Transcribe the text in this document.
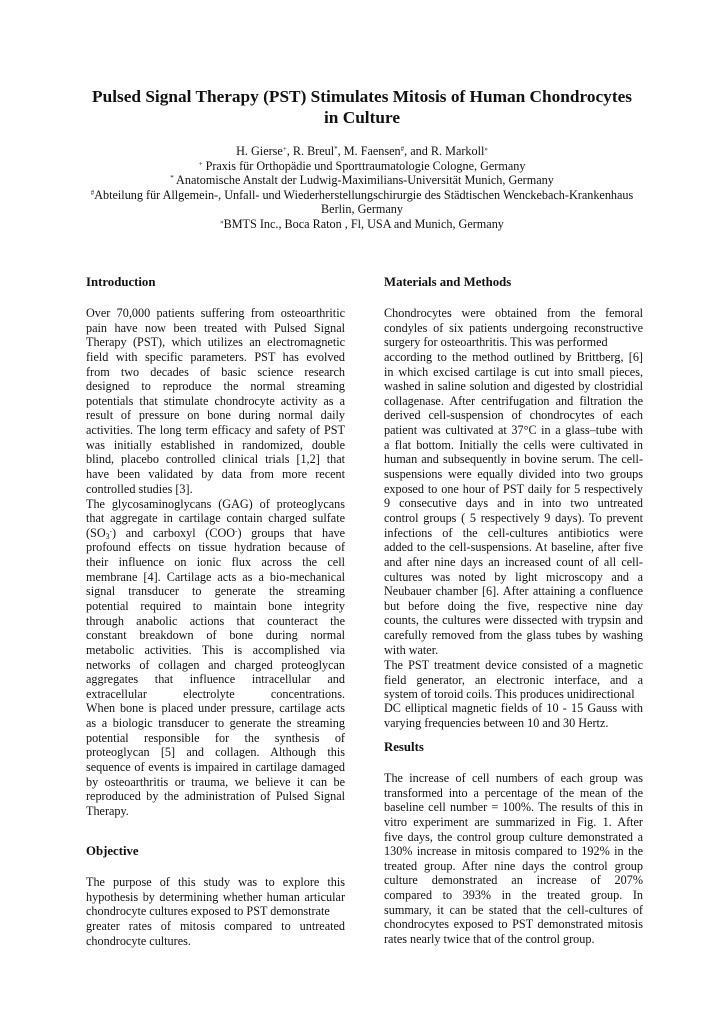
Pulsed Signal Therapy (PST) Stimulates Mitosis of Human Chondrocytes
in Culture
H. Gierse+, R. Breul*, M. Faensen#, and R. Markoll»
+ Praxis für Orthopädie und Sporttraumatologie Cologne, Germany
* Anatomische Anstalt der Ludwig-Maximilians-Universität Munich, Germany
#Abteilung für Allgemein-, Unfall- und Wiederherstellungschirurgie des Städtischen Wenckebach-Krankenhaus
Berlin, Germany
»BMTS Inc., Boca Raton , Fl, USA and Munich, Germany
Introduction
Over 70,000 patients suffering from osteoarthritic
pain have now been treated with Pulsed Signal
Therapy (PST), which utilizes an electromagnetic
field with specific parameters. PST has evolved
from two decades of basic science research
designed to reproduce the normal streaming
potentials that stimulate chondrocyte activity as a
result of pressure on bone during normal daily
activities. The long term efficacy and safety of PST
was initially established in randomized, double
blind, placebo controlled clinical trials [1,2] that
have been validated by data from more recent
controlled studies [3].
The glycosaminoglycans (GAG) of proteoglycans
that aggregate in cartilage contain charged sulfate
$(SO_3^-)$ and carboxyl (COO-) groups that have
profound effects on tissue hydration because of
their influence on ionic flux across the cell
membrane [4]. Cartilage acts as a bio-mechanical
signal transducer to generate the streaming
potential required to maintain bone integrity
through anabolic actions that counteract the
constant breakdown of bone during normal
metabolic activities. This is accomplished via
networks of collagen and charged proteoglycan
aggregates that influence intracellular and
extracellular electrolyte concentrations.
When bone is placed under pressure, cartilage acts
as a biologic transducer to generate the streaming
potential responsible for the synthesis of
proteoglycan [5] and collagen. Although this
sequence of events is impaired in cartilage damaged
by osteoarthritis or trauma, we believe it can be
reproduced by the administration of Pulsed Signal
Therapy.
Objective
The purpose of this study was to explore this
hypothesis by determining whether human articular
chondrocyte cultures exposed to PST demonstrate
greater rates of mitosis compared to untreated
chondrocyte cultures.
Materials and Methods
Chondrocytes were obtained from the femoral
condyles of six patients undergoing reconstructive
surgery for osteoarthritis. This was performed
according to the method outlined by Brittberg, [6]
in which excised cartilage is cut into small pieces,
washed in saline solution and digested by clostridial
collagenase. After centrifugation and filtration the
derived cell-suspension of chondrocytes of each
patient was cultivated at 37°C in a glass–tube with
a flat bottom. Initially the cells were cultivated in
human and subsequently in bovine serum. The cell-
suspensions were equally divided into two groups
exposed to one hour of PST daily for 5 respectively
9 consecutive days and in into two untreated
control groups ( 5 respectively 9 days). To prevent
infections of the cell-cultures antibiotics were
added to the cell-suspensions. At baseline, after five
and after nine days an increased count of all cell-
cultures was noted by light microscopy and a
Neubauer chamber [6]. After attaining a confluence
but before doing the five, respective nine day
counts, the cultures were dissected with trypsin and
carefully removed from the glass tubes by washing
with water.
The PST treatment device consisted of a magnetic
field generator, an electronic interface, and a
system of toroid coils. This produces unidirectional
DC elliptical magnetic fields of 10 - 15 Gauss with
varying frequencies between 10 and 30 Hertz.
Results
The increase of cell numbers of each group was
transformed into a percentage of the mean of the
baseline cell number = 100%. The results of this in
vitro experiment are summarized in Fig. 1. After
five days, the control group culture demonstrated a
130% increase in mitosis compared to 192% in the
treated group. After nine days the control group
culture demonstrated an increase of 207%
compared to 393% in the treated group. In
summary, it can be stated that the cell-cultures of
chondrocytes exposed to PST demonstrated mitosis
rates nearly twice that of the control group.
